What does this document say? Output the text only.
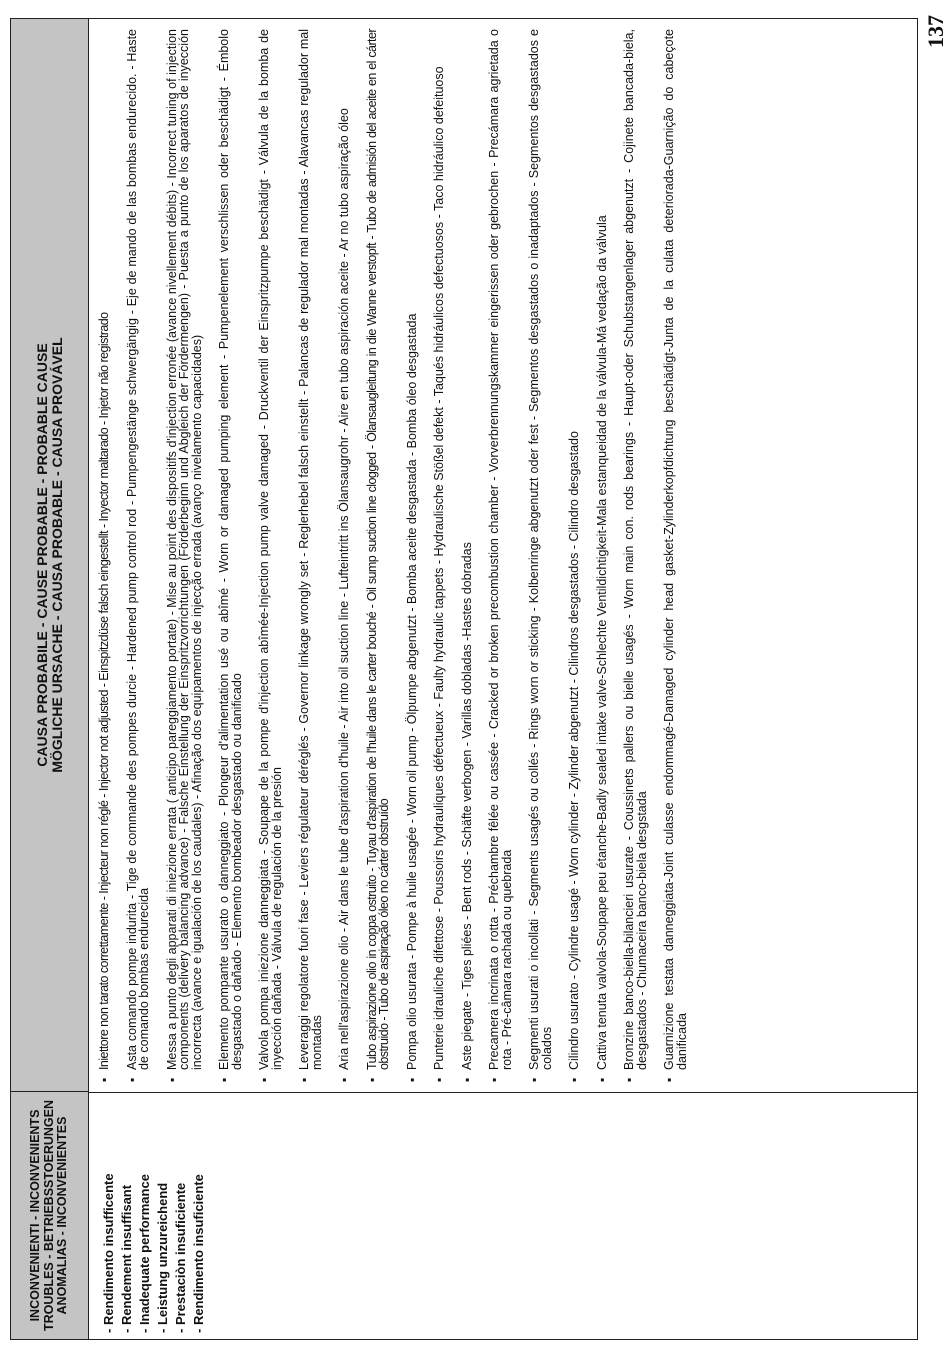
137
INCONVENIENTI - INCONVENIENTS TROUBLES - BETRIEBSSTOERUNGEN ANOMALIAS - INCONVENIENTES
CAUSA PROBABILE - CAUSE PROBABLE - PROBABLE CAUSE MÖGLICHE URSACHE - CAUSA PROBABLE - CAUSA PROVÁVEL
- Rendimento insufficente - Rendement insuffisant - Inadequate performance - Leistung unzureichend - Prestaciòn insuficiente - Rendimento insuficiente
▪
Iniettore non tarato correttamente - Injecteur non réglé - Injector not adjusted - Einspitzdüse falsch eingestellt - Inyector maltarado - Injetor não registrado
▪
Asta comando pompe indurita - Tige de commande des pompes durcie - Hardened pump control rod - Pumpengestänge schwergängig - Eje de mando de las bombas endurecido. - Haste de comando bombas endurecida
▪
Messa a punto degli apparati di iniezione errata ( anticipo pareggiamento portate) - Mise au point des dispositifs d'injection erronée (avance nivellement débits) - Incorrect tuning of injection components (delivery balancing advance) - Falsche Einstellung der Einspritzvorrichtungen (Förderbeginn und Abgleich der Fördermengen) - Puesta a punto de los aparatos de inyección incorrecta (avance e igualación de los caudales) - Afinação dos equipamentos de injecção errada (avanço nivelamento capacidades)
▪
Elemento pompante usurato o danneggiato - Plongeur d'alimentation usé ou abîmé - Worn or damaged pumping element - Pumpenelement verschlissen oder beschädigt - Émbolo desgastado o dañado - Elemento bombeador desgastado ou danificado
▪
Valvola pompa iniezione danneggiata - Soupape de la pompe d'injection abîmée-Injection pump valve damaged - Druckventil der Einspritzpumpe beschädigt - Válvula de la bomba de inyección dañada - Válvula de regulación de la presión
▪
Leveraggi regolatore fuori fase - Leviers régulateur déréglés - Governor linkage wrongly set - Reglerhebel falsch einstellt - Palancas de regulador mal montadas - Alavancas regulador mal montadas
▪
Aria nell'aspirazione olio - Air dans le tube d'aspiration d'huile - Air into oil suction line - Lufteintritt ins Ölansaugrohr - Aire en tubo aspiración aceite - Ar no tubo aspiração óleo
▪
Tubo aspirazione olio in coppa ostruito - Tuyau d'aspiration de l'huile dans le carter bouché - Oil sump suction line clogged - Ölansaugleitung in die Wanne verstopft - Tubo de admisión del aceite en el cárter obstruido - Tubo de aspiração óleo no cárter obstruído
▪
Pompa olio usurata - Pompe à huile usagée - Worn oil pump - Ölpumpe abgenutzt - Bomba aceite desgastada - Bomba óleo desgastada
▪
Punterie idrauliche difettose - Poussoirs hydrauliques défectueux - Faulty hydraulic tappets - Hydraulische Stößel defekt - Taqués hidráulicos defectuosos - Taco hidráulico defeituoso
▪
Aste piegate - Tiges pliées - Bent rods - Schäfte verbogen - Varillas dobladas -Hastes dobradas
▪
Precamera incrinata o rotta - Préchambre fêlée ou cassée - Cracked or broken precombustion chamber - Vorverbrennungskammer eingerissen oder gebrochen - Precámara agrietada o rota - Pré-câmara rachada ou quebrada
▪
Segmenti usurati o incollati - Segments usagés ou collés - Rings worn or sticking - Kolbenringe abgenutzt oder fest - Segmentos desgastados o inadaptados - Segmentos desgastados e colados
▪
Cilindro usurato - Cylindre usagé - Worn cylinder - Zylinder abgenutzt - Cilindros desgastados - Cilindro desgastado
▪
Cattiva tenuta valvola-Soupape peu étanche-Badly sealed intake valve-Schlechte Ventildichtigkeit-Mala estanqueidad de la válvula-Má vedação da válvula
▪
Bronzine banco-biella-bilancieri usurate - Coussinets pallers ou bielle usagés - Worn main con. rods bearings - Haupt-oder Schubstangenlager abgenutzt - Cojinete bancada-biela, desgastados - Chumaceira banco-biela desgstada
▪
Guarnizione testata danneggiata-Joint culasse endommagé-Damaged cylinder head gasket-Zylinderkopfdichtung beschädigt-Junta de la culata deteriorada-Guarnição do cabeçote danificada
